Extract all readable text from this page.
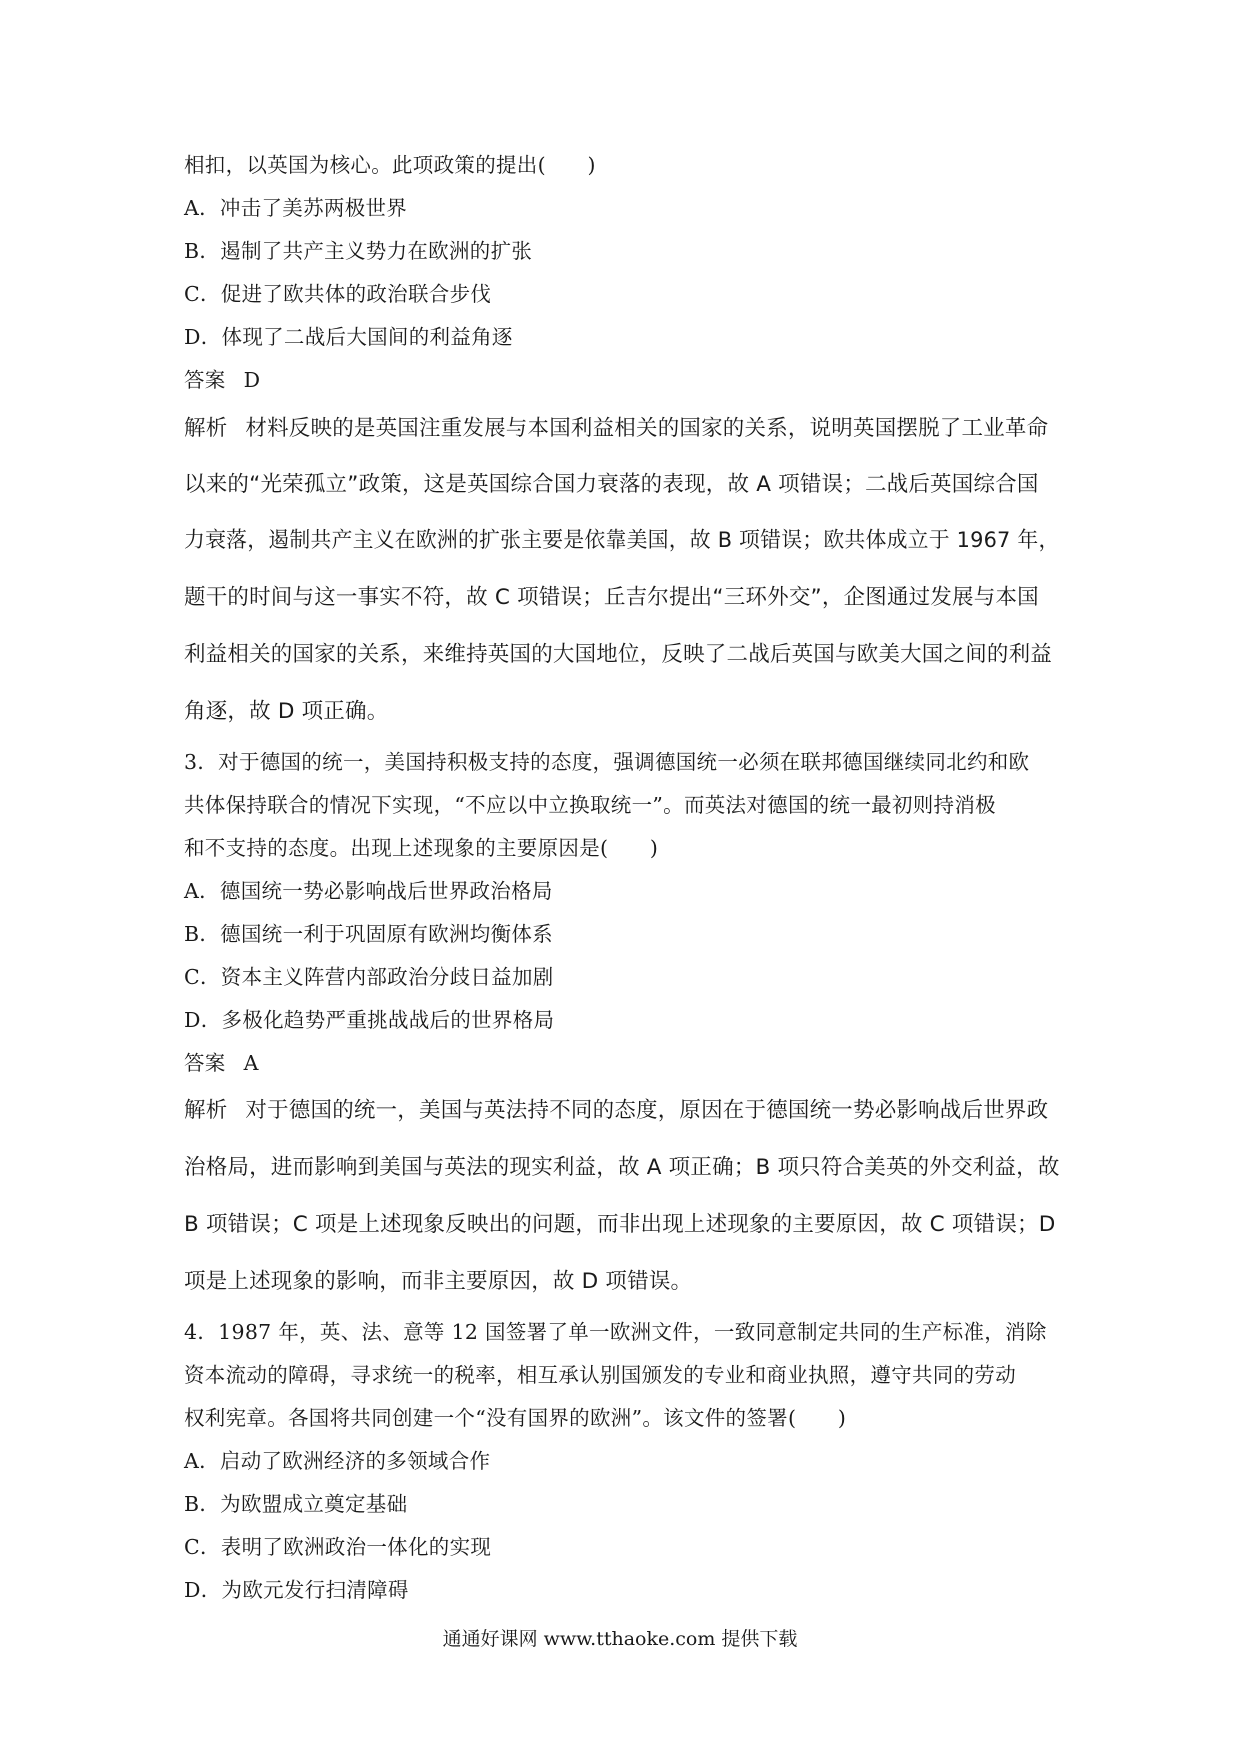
相扣，以英国为核心。此项政策的提出(　　)
A．冲击了美苏两极世界
B．遏制了共产主义势力在欧洲的扩张
C．促进了欧共体的政治联合步伐
D．体现了二战后大国间的利益角逐
答案 D
解析 材料反映的是英国注重发展与本国利益相关的国家的关系，说明英国摆脱了工业革命
以来的“光荣孤立”政策，这是英国综合国力衰落的表现，故 A 项错误；二战后英国综合国
力衰落，遏制共产主义在欧洲的扩张主要是依靠美国，故 B 项错误；欧共体成立于 1967 年，
题干的时间与这一事实不符，故 C 项错误；丘吉尔提出“三环外交”，企图通过发展与本国
利益相关的国家的关系，来维持英国的大国地位，反映了二战后英国与欧美大国之间的利益
角逐，故 D 项正确。
3．对于德国的统一，美国持积极支持的态度，强调德国统一必须在联邦德国继续同北约和欧
共体保持联合的情况下实现，“不应以中立换取统一”。而英法对德国的统一最初则持消极
和不支持的态度。出现上述现象的主要原因是(　　)
A．德国统一势必影响战后世界政治格局
B．德国统一利于巩固原有欧洲均衡体系
C．资本主义阵营内部政治分歧日益加剧
D．多极化趋势严重挑战战后的世界格局
答案 A
解析 对于德国的统一，美国与英法持不同的态度，原因在于德国统一势必影响战后世界政
治格局，进而影响到美国与英法的现实利益，故 A 项正确；B 项只符合美英的外交利益，故
B 项错误；C 项是上述现象反映出的问题，而非出现上述现象的主要原因，故 C 项错误；D
项是上述现象的影响，而非主要原因，故 D 项错误。
4．1987 年，英、法、意等 12 国签署了单一欧洲文件，一致同意制定共同的生产标准，消除
资本流动的障碍，寻求统一的税率，相互承认别国颁发的专业和商业执照，遵守共同的劳动
权利宪章。各国将共同创建一个“没有国界的欧洲”。该文件的签署(　　)
A．启动了欧洲经济的多领域合作
B．为欧盟成立奠定基础
C．表明了欧洲政治一体化的实现
D．为欧元发行扫清障碍
通通好课网 www.tthaoke.com 提供下载
